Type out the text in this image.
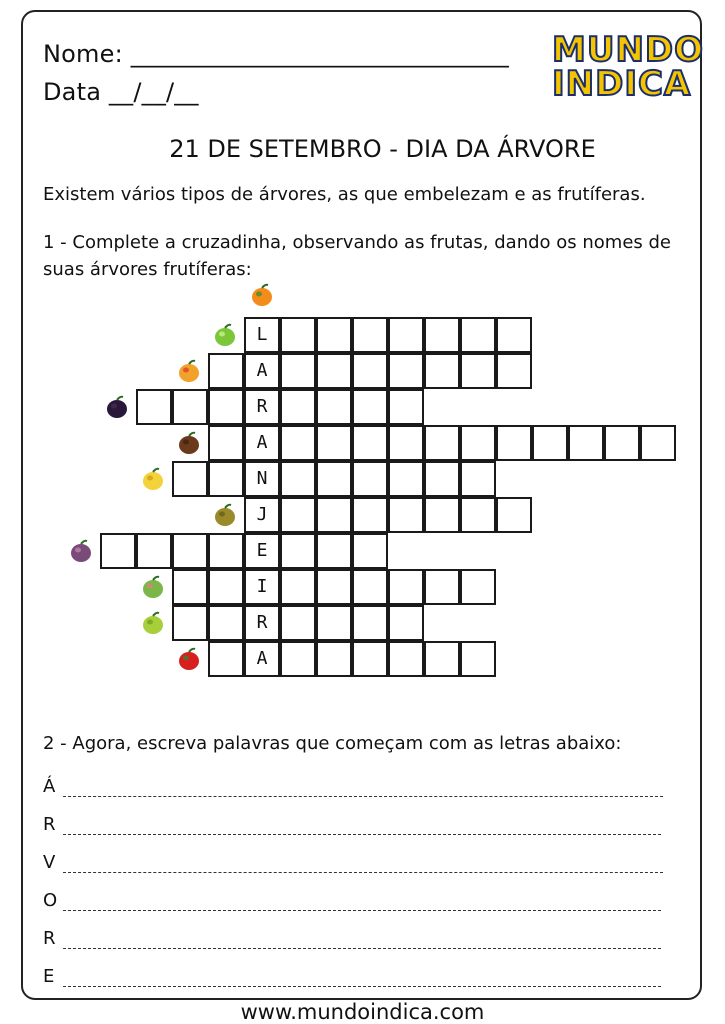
Nome: _______________________________
Data __/__/__
MUNDO
INDICA
21 DE SETEMBRO - DIA DA ÁRVORE
Existem vários tipos de árvores, as que embelezam e as frutíferas.
1 - Complete a cruzadinha, observando as frutas, dando os nomes de suas árvores frutíferas:
L
A
R
A
N
J
E
I
R
A
2 - Agora, escreva palavras que começam com as letras abaixo:
Á
R
V
O
R
E
www.mundoindica.com
